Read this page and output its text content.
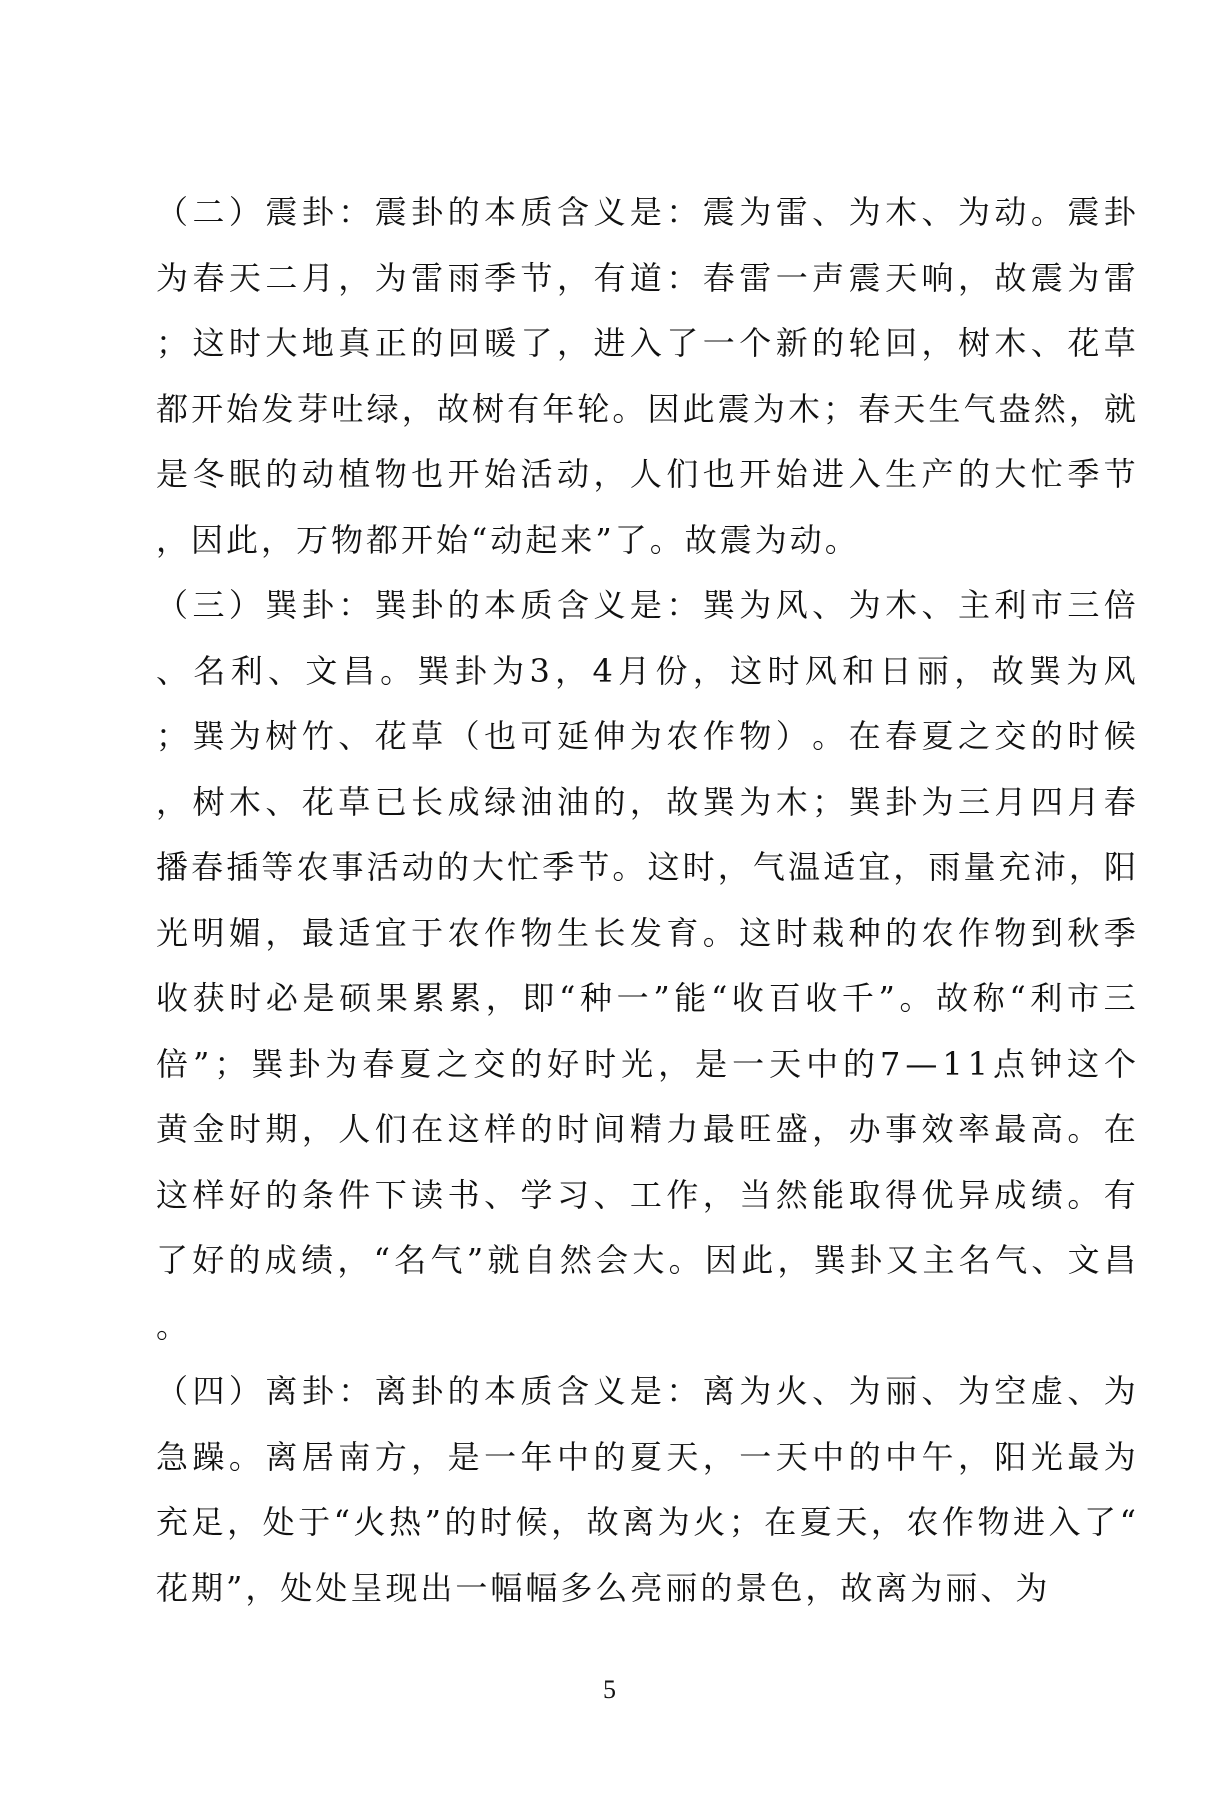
（ 二 ） 震 卦 ： 震 卦 的 本 质 含 义 是 ： 震 为 雷 、 为 木 、 为 动 。 震 卦
为 春 天 二 月 ， 为 雷 雨 季 节 ， 有 道 ： 春 雷 一 声 震 天 响 ， 故 震 为 雷
； 这 时 大 地 真 正 的 回 暖 了 ， 进 入 了 一 个 新 的 轮 回 ， 树 木 、 花 草
都 开 始 发 芽 吐 绿 ， 故 树 有 年 轮 。 因 此 震 为 木 ； 春 天 生 气 盎 然 ， 就
是 冬 眠 的 动 植 物 也 开 始 活 动 ， 人 们 也 开 始 进 入 生 产 的 大 忙 季 节
，因此，万物都开始“动起来”了。故震为动。
（ 三 ） 巽 卦 ： 巽 卦 的 本 质 含 义 是 ： 巽 为 风 、 为 木 、 主 利 市 三 倍
、 名 利 、 文 昌 。 巽 卦 为 3 ， 4 月 份 ， 这 时 风 和 日 丽 ， 故 巽 为 风
； 巽 为 树 竹 、 花 草 （ 也 可 延 伸 为 农 作 物 ） 。 在 春 夏 之 交 的 时 候
， 树 木 、 花 草 已 长 成 绿 油 油 的 ， 故 巽 为 木 ； 巽 卦 为 三 月 四 月 春
播 春 插 等 农 事 活 动 的 大 忙 季 节 。 这 时 ， 气 温 适 宜 ， 雨 量 充 沛 ， 阳
光 明 媚 ， 最 适 宜 于 农 作 物 生 长 发 育 。 这 时 栽 种 的 农 作 物 到 秋 季
收 获 时 必 是 硕 果 累 累 ， 即 “ 种 一 ” 能 “ 收 百 收 千 ” 。 故 称 “ 利 市 三
倍 ” ； 巽 卦 为 春 夏 之 交 的 好 时 光 ， 是 一 天 中 的 7 — 1 1 点 钟 这 个
黄 金 时 期 ， 人 们 在 这 样 的 时 间 精 力 最 旺 盛 ， 办 事 效 率 最 高 。 在
这 样 好 的 条 件 下 读 书 、 学 习 、 工 作 ， 当 然 能 取 得 优 异 成 绩 。 有
了 好 的 成 绩 ， “ 名 气 ” 就 自 然 会 大 。 因 此 ， 巽 卦 又 主 名 气 、 文 昌
。
（ 四 ） 离 卦 ： 离 卦 的 本 质 含 义 是 ： 离 为 火 、 为 丽 、 为 空 虚 、 为
急 躁 。 离 居 南 方 ， 是 一 年 中 的 夏 天 ， 一 天 中 的 中 午 ， 阳 光 最 为
充 足 ， 处 于 “ 火 热 ” 的 时 候 ， 故 离 为 火 ； 在 夏 天 ， 农 作 物 进 入 了 “
花期”，处处呈现出一幅幅多么亮丽的景色，故离为丽、为
5
